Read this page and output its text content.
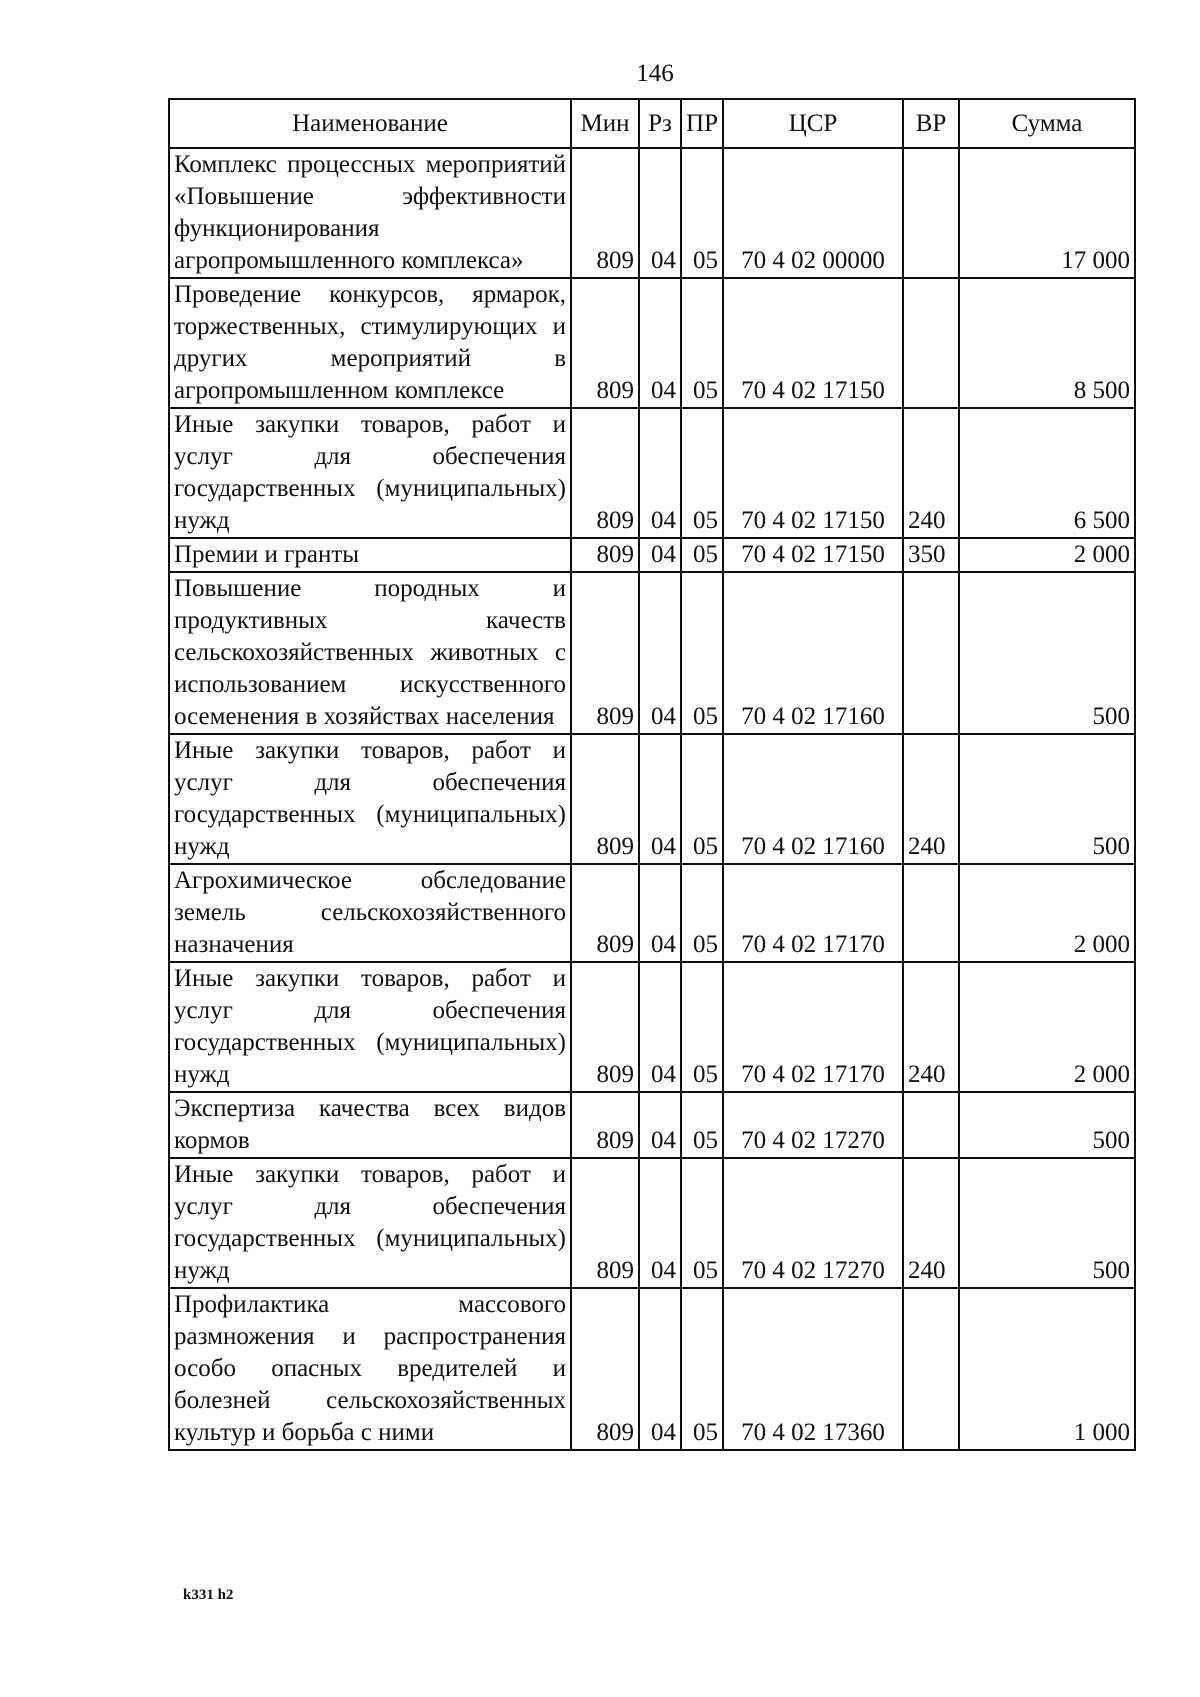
146
Наименование	Мин	Рз	ПР	ЦСР	ВР	Сумма
Комплекс процессных мероприятий «Повышение эффективности функционирования агропромышленного комплекса»	809	04	05	70 4 02 00000		17 000
Проведение конкурсов, ярмарок, торжественных, стимулирующих и других мероприятий в агропромышленном комплексе	809	04	05	70 4 02 17150		8 500
Иные закупки товаров, работ и услуг для обеспечения государственных (муниципальных) нужд	809	04	05	70 4 02 17150	240	6 500
Премии и гранты	809	04	05	70 4 02 17150	350	2 000
Повышение породных и продуктивных качеств сельскохозяйственных животных с использованием искусственного осеменения в хозяйствах населения	809	04	05	70 4 02 17160		500
Иные закупки товаров, работ и услуг для обеспечения государственных (муниципальных) нужд	809	04	05	70 4 02 17160	240	500
Агрохимическое обследование земель сельскохозяйственного назначения	809	04	05	70 4 02 17170		2 000
Иные закупки товаров, работ и услуг для обеспечения государственных (муниципальных) нужд	809	04	05	70 4 02 17170	240	2 000
Экспертиза качества всех видов кормов	809	04	05	70 4 02 17270		500
Иные закупки товаров, работ и услуг для обеспечения государственных (муниципальных) нужд	809	04	05	70 4 02 17270	240	500
Профилактика массового размножения и распространения особо опасных вредителей и болезней сельскохозяйственных культур и борьба с ними	809	04	05	70 4 02 17360		1 000
k331 h2
